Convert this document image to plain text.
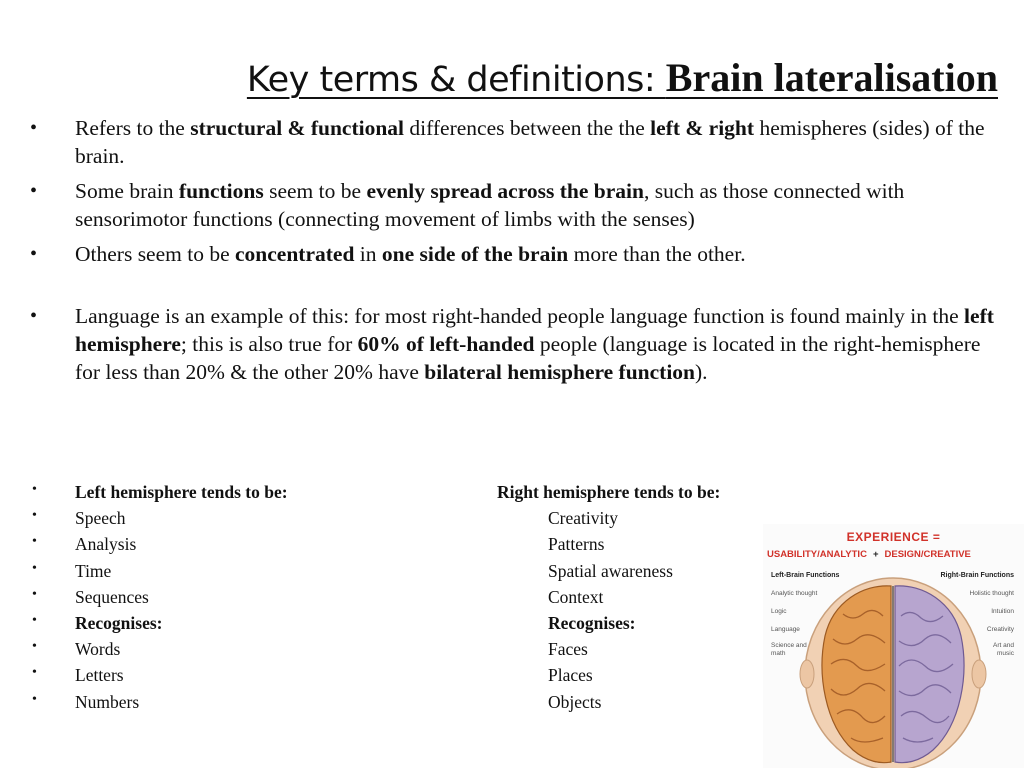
Key terms & definitions: Brain lateralisation
• Refers to the structural & functional differences between the the left & right hemispheres (sides) of the brain.
• Some brain functions seem to be evenly spread across the brain, such as those connected with sensorimotor functions (connecting movement of limbs with the senses)
• Others seem to be concentrated in one side of the brain more than the other.
• Language is an example of this: for most right-handed people language function is found mainly in the left hemisphere; this is also true for 60% of left-handed people (language is located in the right-hemisphere for less than 20% & the other 20% have bilateral hemisphere function).
• Left hemisphere tends to be:	Right hemisphere tends to be:
• Speech	Creativity
• Analysis	Patterns
• Time	Spatial awareness
• Sequences	Context
• Recognises:	Recognises:
• Words	Faces
• Letters	Places
• Numbers	Objects
EXPERIENCE =
USABILITY/ANALYTIC + DESIGN/CREATIVE
Left-Brain Functions	Right-Brain Functions
Analytic thought
Logic
Language
Science and math
Holistic thought
Intuition
Creativity
Art and music
